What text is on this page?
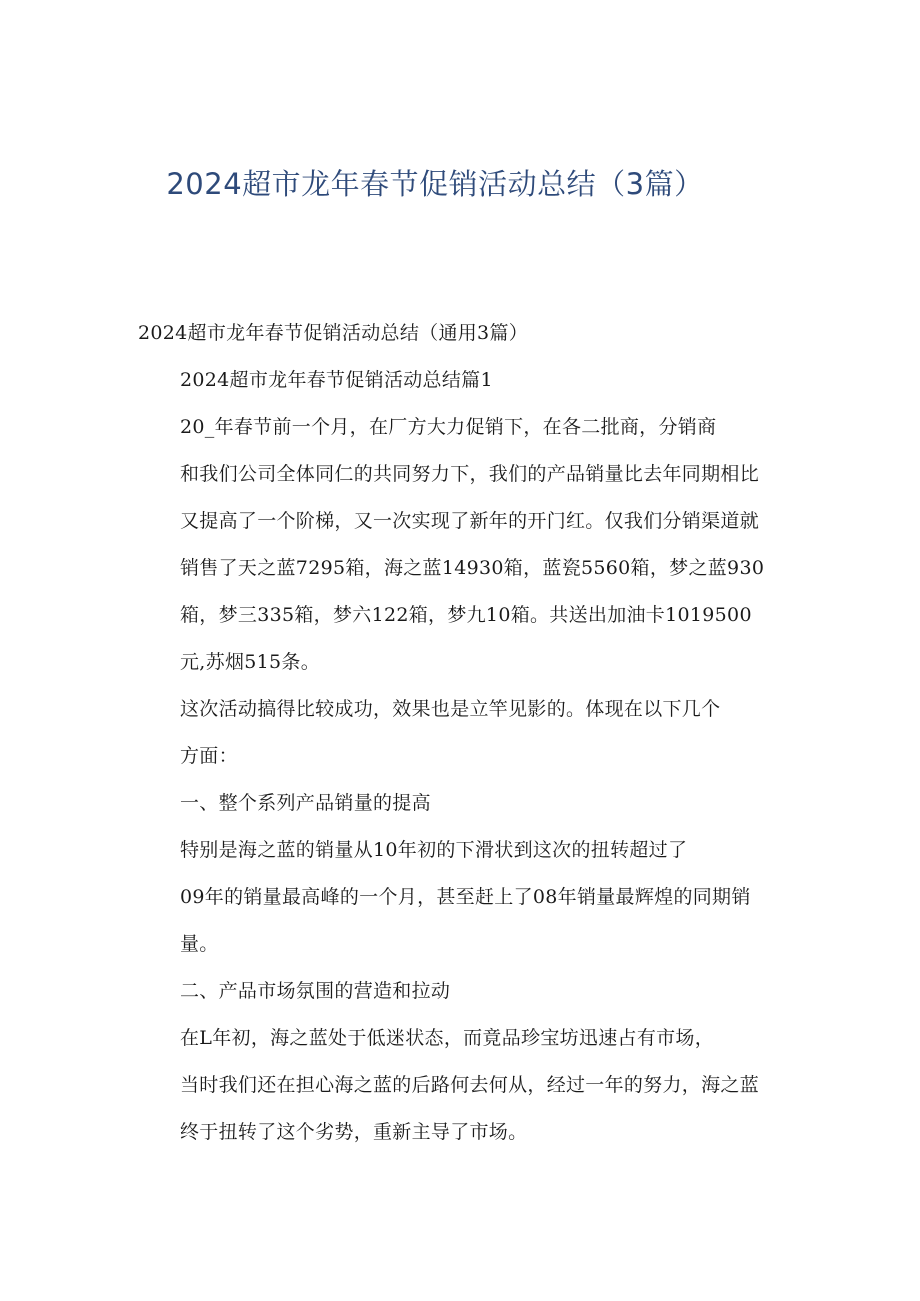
2024超市龙年春节促销活动总结（3篇）

2024超市龙年春节促销活动总结（通用3篇）

2024超市龙年春节促销活动总结篇1

20_年春节前一个月，在厂方大力促销下，在各二批商，分销商
和我们公司全体同仁的共同努力下，我们的产品销量比去年同期相比
又提高了一个阶梯，又一次实现了新年的开门红。仅我们分销渠道就
销售了天之蓝7295箱，海之蓝14930箱，蓝瓷5560箱，梦之蓝930
箱，梦三335箱，梦六122箱，梦九10箱。共送出加油卡1019500
元,苏烟515条。

这次活动搞得比较成功，效果也是立竿见影的。体现在以下几个
方面：

一、整个系列产品销量的提高

特别是海之蓝的销量从10年初的下滑状到这次的扭转超过了
09年的销量最高峰的一个月，甚至赶上了08年销量最辉煌的同期销
量。

二、产品市场氛围的营造和拉动

在L年初，海之蓝处于低迷状态，而竟品珍宝坊迅速占有市场，
当时我们还在担心海之蓝的后路何去何从，经过一年的努力，海之蓝
终于扭转了这个劣势，重新主导了市场。
